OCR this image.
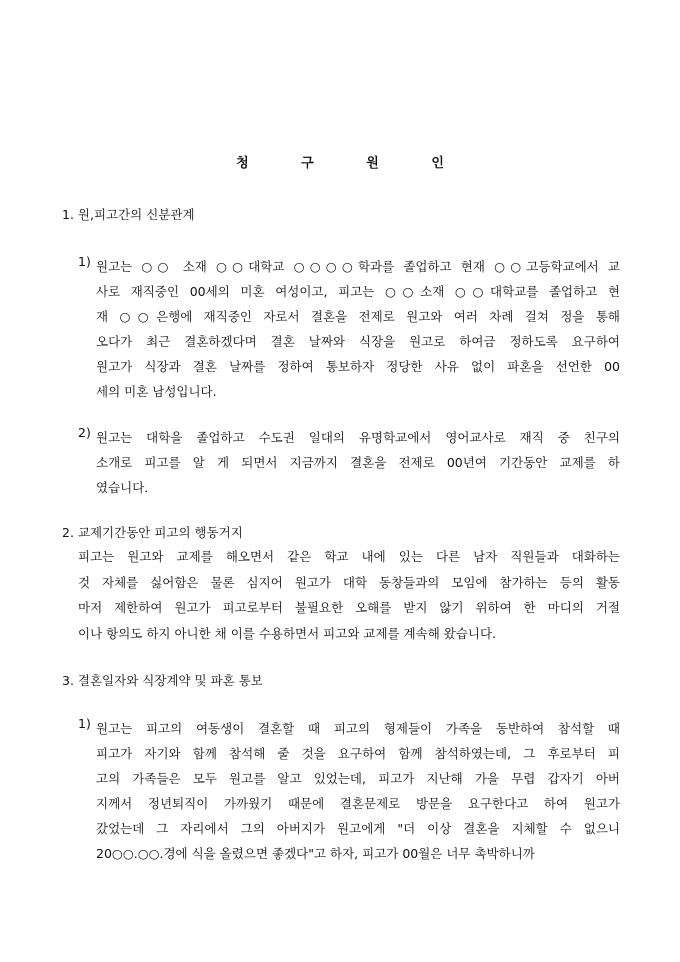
청 구 원 인
1. 원,피고간의 신분관계
1) 원고는 ○○ 소재 ○○대학교 ○○○○학과를 졸업하고 현재 ○○고등학교에서 교
사로 재직중인 00세의 미혼 여성이고, 피고는 ○○소재 ○○대학교를 졸업하고 현
재 ○○은행에 재직중인 자로서 결혼을 전제로 원고와 여러 차례 걸쳐 정을 통해
오다가 최근 결혼하겠다며 결혼 날짜와 식장을 원고로 하여금 정하도록 요구하여
원고가 식장과 결혼 날짜를 정하여 통보하자 정당한 사유 없이 파혼을 선언한 00
세의 미혼 남성입니다.
2) 원고는 대학을 졸업하고 수도권 일대의 유명학교에서 영어교사로 재직 중 친구의
소개로 피고를 알 게 되면서 지금까지 결혼을 전제로 00년여 기간동안 교제를 하
였습니다.
2. 교제기간동안 피고의 행동거지
피고는 원고와 교제를 해오면서 같은 학교 내에 있는 다른 남자 직원들과 대화하는
것 자체를 싫어함은 물론 심지어 원고가 대학 동창들과의 모임에 참가하는 등의 활동
마저 제한하여 원고가 피고로부터 불필요한 오해를 받지 않기 위하여 한 마디의 거절
이나 항의도 하지 아니한 채 이를 수용하면서 피고와 교제를 계속해 왔습니다.
3. 결혼일자와 식장계약 및 파혼 통보
1) 원고는 피고의 여동생이 결혼할 때 피고의 형제들이 가족을 동반하여 참석할 때
피고가 자기와 함께 참석해 줄 것을 요구하여 함께 참석하였는데, 그 후로부터 피
고의 가족들은 모두 원고를 알고 있었는데, 피고가 지난해 가을 무렵 갑자기 아버
지께서 정년퇴직이 가까웠기 때문에 결혼문제로 방문을 요구한다고 하여 원고가
갔었는데 그 자리에서 그의 아버지가 원고에게 "더 이상 결혼을 지체할 수 없으니
20○○.○○.경에 식을 올렸으면 좋겠다"고 하자, 피고가 00월은 너무 촉박하니까
